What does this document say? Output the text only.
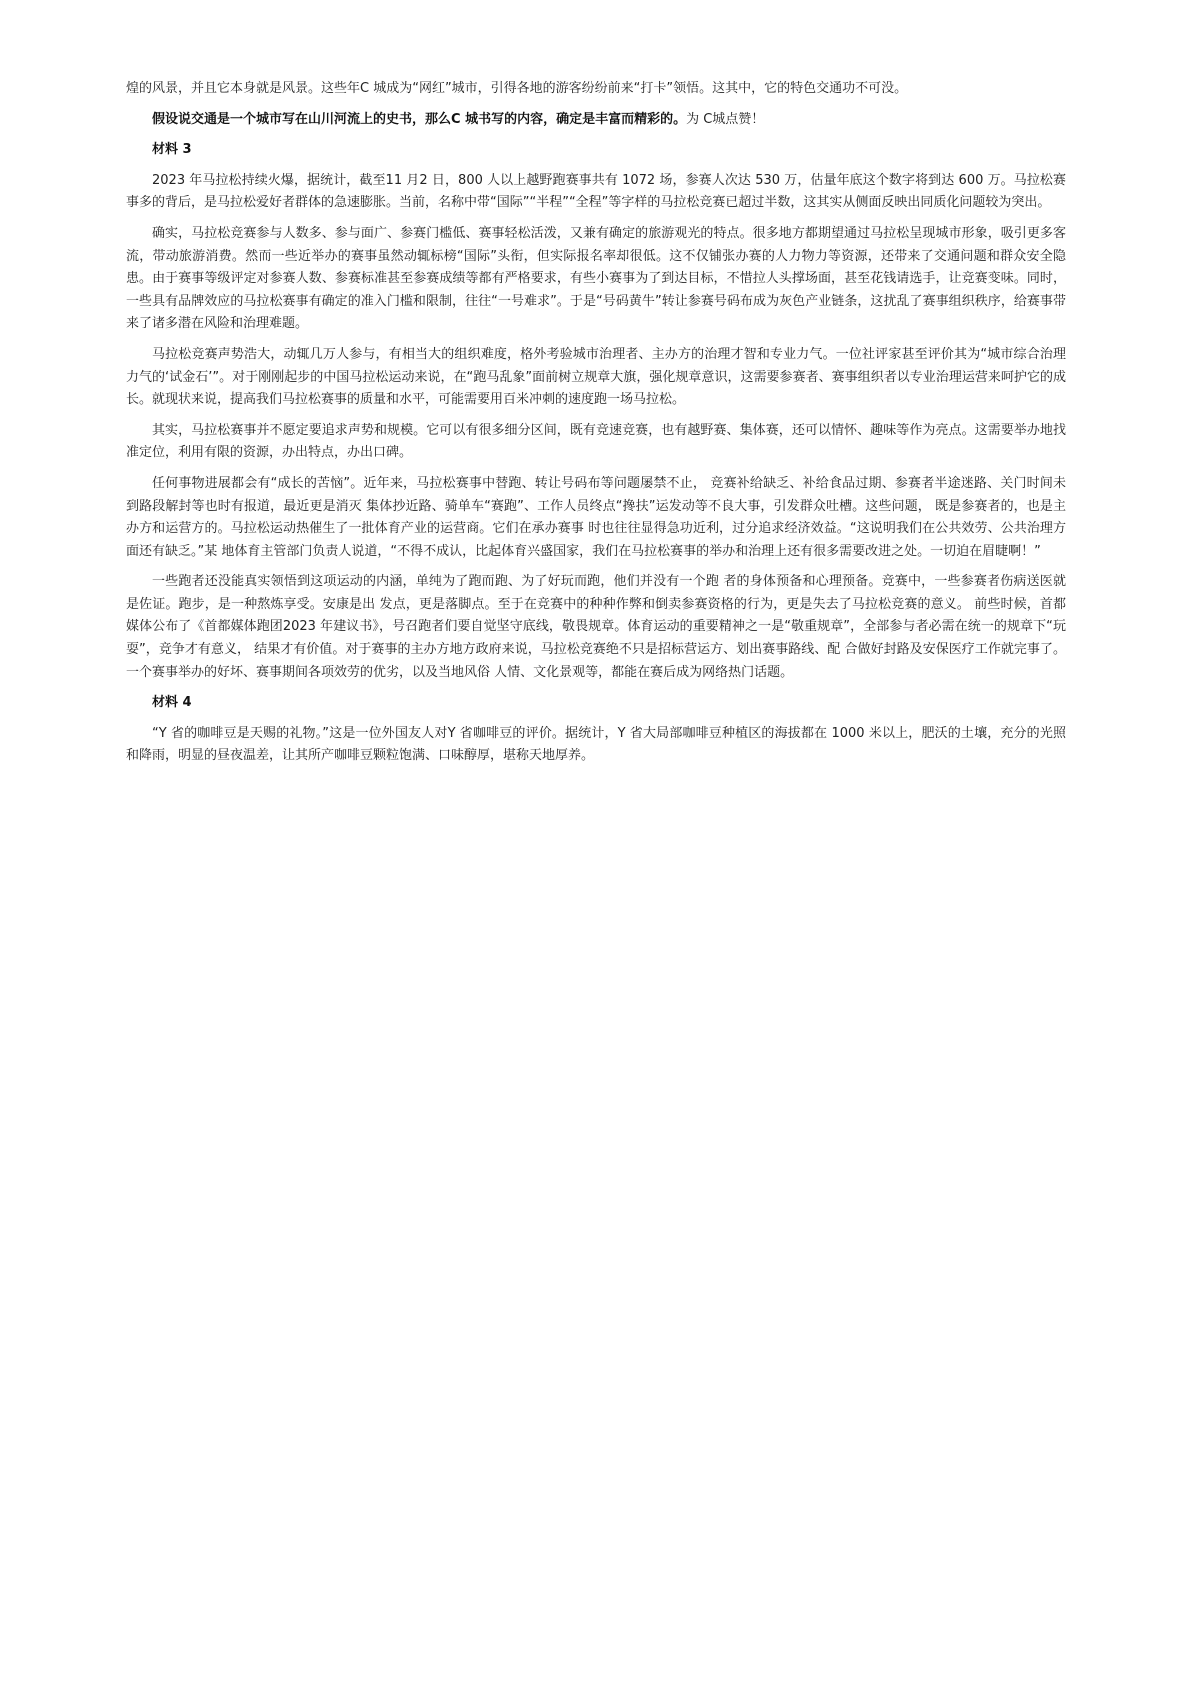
煌的风景，并且它本身就是风景。这些年C 城成为“网红”城市，引得各地的游客纷纷前来“打卡”领悟。这其中，它的特色交通功不可没。

假设说交通是一个城市写在山川河流上的史书，那么C 城书写的内容，确定是丰富而精彩的。为 C城点赞！

材料 3

2023 年马拉松持续火爆，据统计，截至11 月2 日，800 人以上越野跑赛事共有 1072 场，参赛人次达 530 万，估量年底这个数字将到达 600 万。马拉松赛事多的背后，是马拉松爱好者群体的急速膨胀。当前，名称中带“国际”“半程”“全程”等字样的马拉松竞赛已超过半数，这其实从侧面反映出同质化问题较为突出。

确实，马拉松竞赛参与人数多、参与面广、参赛门槛低、赛事轻松活泼，又兼有确定的旅游观光的特点。很多地方都期望通过马拉松呈现城市形象，吸引更多客流，带动旅游消费。然而一些近举办的赛事虽然动辄标榜“国际”头衔，但实际报名率却很低。这不仅铺张办赛的人力物力等资源，还带来了交通问题和群众安全隐患。由于赛事等级评定对参赛人数、参赛标准甚至参赛成绩等都有严格要求，有些小赛事为了到达目标，不惜拉人头撑场面，甚至花钱请选手，让竞赛变味。同时，一些具有品牌效应的马拉松赛事有确定的准入门槛和限制，往往“一号难求”。于是“号码黄牛”转让参赛号码布成为灰色产业链条，这扰乱了赛事组织秩序，给赛事带来了诸多潜在风险和治理难题。

马拉松竞赛声势浩大，动辄几万人参与，有相当大的组织难度，格外考验城市治理者、主办方的治理才智和专业力气。一位社评家甚至评价其为“城市综合治理力气的‘试金石’”。对于刚刚起步的中国马拉松运动来说，在“跑马乱象”面前树立规章大旗，强化规章意识，这需要参赛者、赛事组织者以专业治理运营来呵护它的成长。就现状来说，提高我们马拉松赛事的质量和水平，可能需要用百米冲刺的速度跑一场马拉松。

其实，马拉松赛事并不愿定要追求声势和规模。它可以有很多细分区间，既有竞速竞赛，也有越野赛、集体赛，还可以情怀、趣味等作为亮点。这需要举办地找准定位，利用有限的资源，办出特点，办出口碑。

任何事物进展都会有“成长的苦恼”。近年来，马拉松赛事中替跑、转让号码布等问题屡禁不止， 竞赛补给缺乏、补给食品过期、参赛者半途迷路、关门时间未到路段解封等也时有报道，最近更是消灭 集体抄近路、骑单车“赛跑”、工作人员终点“搀扶”运发动等不良大事，引发群众吐槽。这些问题， 既是参赛者的，也是主办方和运营方的。马拉松运动热催生了一批体育产业的运营商。它们在承办赛事 时也往往显得急功近利，过分追求经济效益。“这说明我们在公共效劳、公共治理方面还有缺乏。”某 地体育主管部门负责人说道，“不得不成认，比起体育兴盛国家，我们在马拉松赛事的举办和治理上还有很多需要改进之处。一切迫在眉睫啊！”

一些跑者还没能真实领悟到这项运动的内涵，单纯为了跑而跑、为了好玩而跑，他们并没有一个跑 者的身体预备和心理预备。竞赛中，一些参赛者伤病送医就是佐证。跑步，是一种熬炼享受。安康是出 发点，更是落脚点。至于在竞赛中的种种作弊和倒卖参赛资格的行为，更是失去了马拉松竞赛的意义。 前些时候，首都媒体公布了《首都媒体跑团2023 年建议书》，号召跑者们要自觉坚守底线，敬畏规章。体育运动的重要精神之一是“敬重规章”，全部参与者必需在统一的规章下“玩耍”，竞争才有意义， 结果才有价值。对于赛事的主办方地方政府来说，马拉松竞赛绝不只是招标营运方、划出赛事路线、配 合做好封路及安保医疗工作就完事了。一个赛事举办的好坏、赛事期间各项效劳的优劣，以及当地风俗 人情、文化景观等，都能在赛后成为网络热门话题。

材料 4

“Y 省的咖啡豆是天赐的礼物。”这是一位外国友人对Y 省咖啡豆的评价。据统计，Y 省大局部咖啡豆种植区的海拔都在 1000 米以上，肥沃的土壤，充分的光照和降雨，明显的昼夜温差，让其所产咖啡豆颗粒饱满、口味醇厚，堪称天地厚养。
